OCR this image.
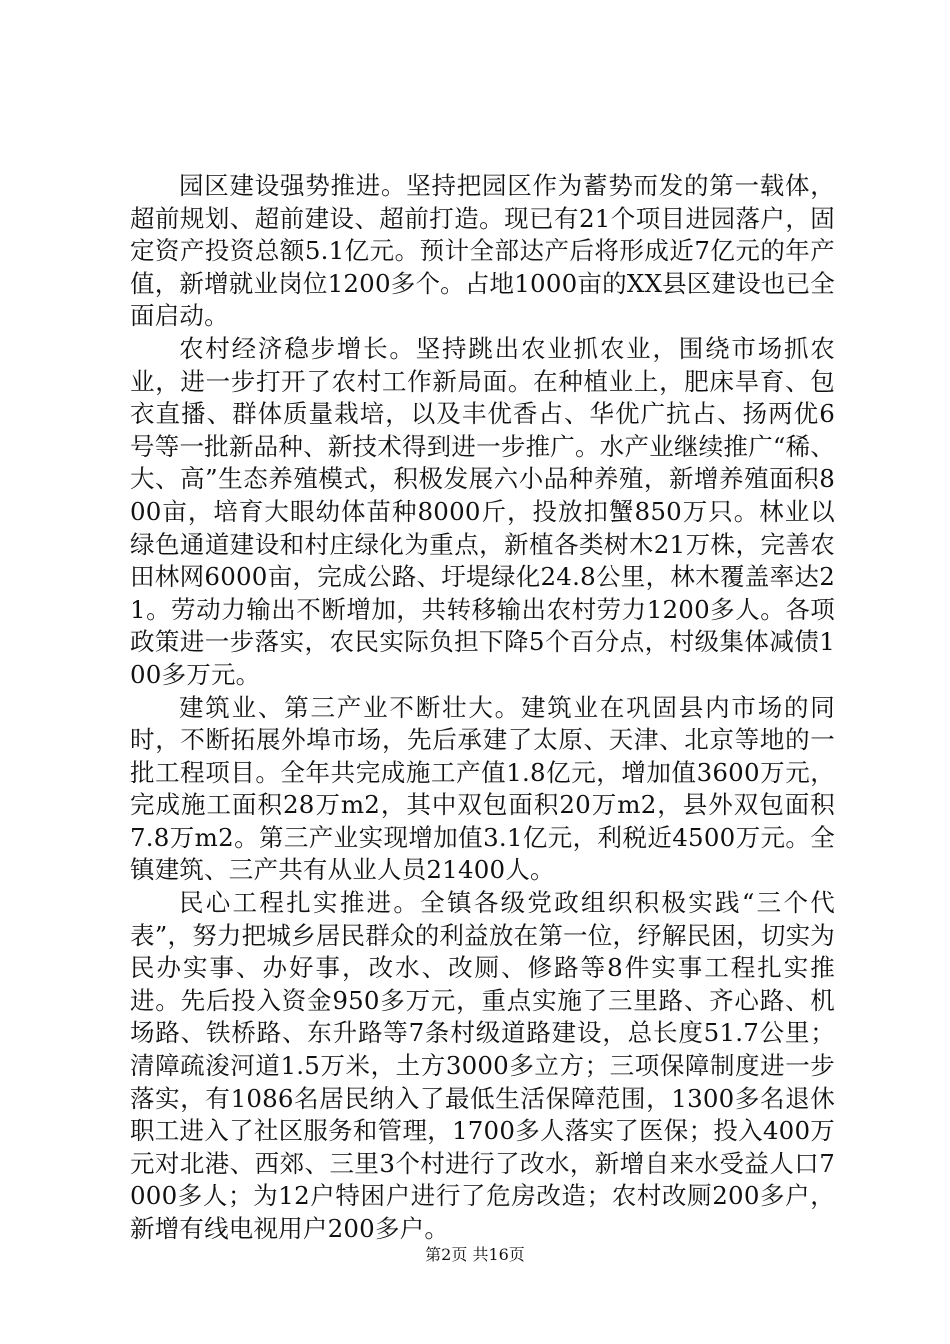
园区建设强势推进。坚持把园区作为蓄势而发的第一载体，超前规划、超前建设、超前打造。现已有21个项目进园落户，固定资产投资总额5.1亿元。预计全部达产后将形成近7亿元的年产值，新增就业岗位1200多个。占地1000亩的XX县区建设也已全面启动。

农村经济稳步增长。坚持跳出农业抓农业，围绕市场抓农业，进一步打开了农村工作新局面。在种植业上，肥床旱育、包衣直播、群体质量栽培，以及丰优香占、华优广抗占、扬两优6号等一批新品种、新技术得到进一步推广。水产业继续推广“稀、大、高”生态养殖模式，积极发展六小品种养殖，新增养殖面积800亩，培育大眼幼体苗种8000斤，投放扣蟹850万只。林业以绿色通道建设和村庄绿化为重点，新植各类树木21万株，完善农田林网6000亩，完成公路、圩堤绿化24.8公里，林木覆盖率达21。劳动力输出不断增加，共转移输出农村劳力1200多人。各项政策进一步落实，农民实际负担下降5个百分点，村级集体减债100多万元。

建筑业、第三产业不断壮大。建筑业在巩固县内市场的同时，不断拓展外埠市场，先后承建了太原、天津、北京等地的一批工程项目。全年共完成施工产值1.8亿元，增加值3600万元，完成施工面积28万m2，其中双包面积20万m2，县外双包面积7.8万m2。第三产业实现增加值3.1亿元，利税近4500万元。全镇建筑、三产共有从业人员21400人。

民心工程扎实推进。全镇各级党政组织积极实践“三个代表”，努力把城乡居民群众的利益放在第一位，纾解民困，切实为民办实事、办好事，改水、改厕、修路等8件实事工程扎实推进。先后投入资金950多万元，重点实施了三里路、齐心路、机场路、铁桥路、东升路等7条村级道路建设，总长度51.7公里；清障疏浚河道1.5万米，土方3000多立方；三项保障制度进一步落实，有1086名居民纳入了最低生活保障范围，1300多名退休职工进入了社区服务和管理，1700多人落实了医保；投入400万元对北港、西郊、三里3个村进行了改水，新增自来水受益人口7000多人；为12户特困户进行了危房改造；农村改厕200多户，新增有线电视用户200多户。

第2页 共16页
